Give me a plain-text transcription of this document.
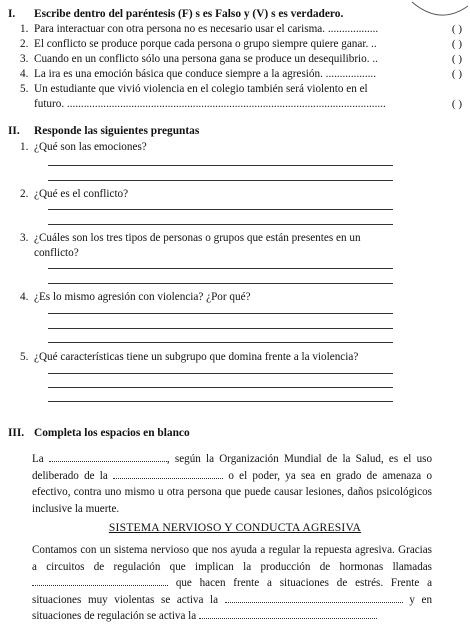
I. Escribe dentro del paréntesis (F) s es Falso y (V) s es verdadero.
1. Para interactuar con otra persona no es necesario usar el carisma. ..................	( )
2. El conflicto se produce porque cada persona o grupo siempre quiere ganar. ..	( )
3. Cuando en un conflicto sólo una persona gana se produce un desequilibrio. ..	( )
4. La ira es una emoción básica que conduce siempre a la agresión. ..................	( )
5. Un estudiante que vivió violencia en el colegio también será violento en el
futuro. ..................................................................................................................	( )
II. Responde las siguientes preguntas
1. ¿Qué son las emociones?
2. ¿Qué es el conflicto?
3. ¿Cuáles son los tres tipos de personas o grupos que están presentes en un conflicto?
4. ¿Es lo mismo agresión con violencia? ¿Por qué?
5. ¿Qué características tiene un subgrupo que domina frente a la violencia?
III. Completa los espacios en blanco
La	, según la Organización Mundial de la Salud, es el uso deliberado de la	o el poder, ya sea en grado de amenaza o efectivo, contra uno mismo u otra persona que puede causar lesiones, daños psicológicos inclusive la muerte.
SISTEMA NERVIOSO Y CONDUCTA AGRESIVA
Contamos con un sistema nervioso que nos ayuda a regular la repuesta agresiva. Gracias a circuitos de regulación que implican la producción de hormonas llamadas  que hacen frente a situaciones de estrés. Frente a situaciones muy violentas se activa la	y en situaciones de regulación se activa la
